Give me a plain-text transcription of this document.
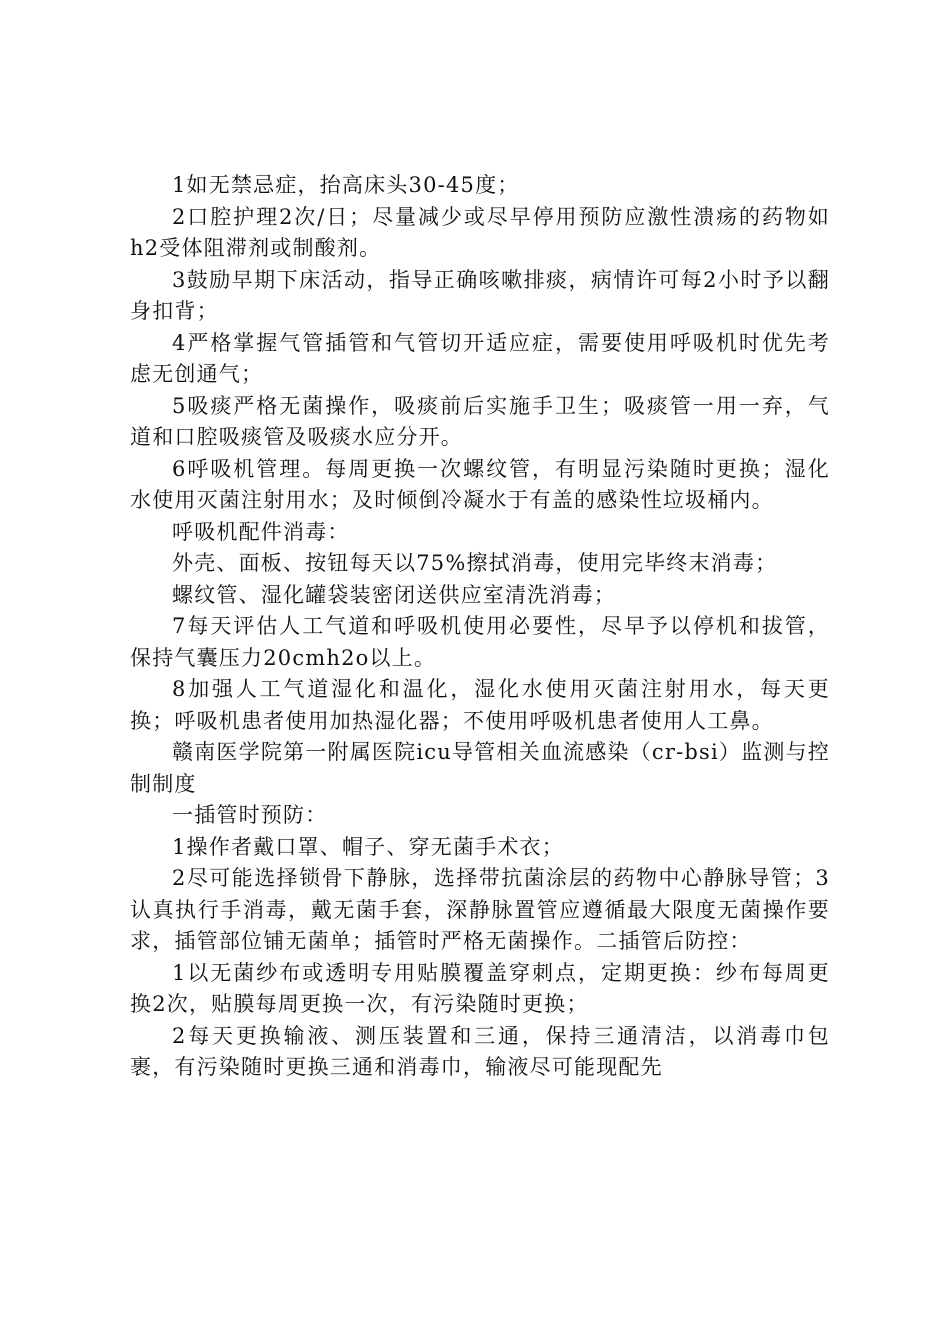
1如无禁忌症，抬高床头30-45度；

2口腔护理2次/日；尽量减少或尽早停用预防应激性溃疡的药物如h2受体阻滞剂或制酸剂。

3鼓励早期下床活动，指导正确咳嗽排痰，病情许可每2小时予以翻身扣背；

4严格掌握气管插管和气管切开适应症，需要使用呼吸机时优先考虑无创通气；

5吸痰严格无菌操作，吸痰前后实施手卫生；吸痰管一用一弃，气道和口腔吸痰管及吸痰水应分开。

6呼吸机管理。每周更换一次螺纹管，有明显污染随时更换；湿化水使用灭菌注射用水；及时倾倒冷凝水于有盖的感染性垃圾桶内。

呼吸机配件消毒：

外壳、面板、按钮每天以75%擦拭消毒，使用完毕终末消毒；

螺纹管、湿化罐袋装密闭送供应室清洗消毒；

7每天评估人工气道和呼吸机使用必要性，尽早予以停机和拔管，保持气囊压力20cmh2o以上。

8加强人工气道湿化和温化，湿化水使用灭菌注射用水，每天更换；呼吸机患者使用加热湿化器；不使用呼吸机患者使用人工鼻。

赣南医学院第一附属医院icu导管相关血流感染（cr-bsi）监测与控制制度

一插管时预防：

1操作者戴口罩、帽子、穿无菌手术衣；

2尽可能选择锁骨下静脉，选择带抗菌涂层的药物中心静脉导管；3认真执行手消毒，戴无菌手套，深静脉置管应遵循最大限度无菌操作要求，插管部位铺无菌单；插管时严格无菌操作。二插管后防控：

1以无菌纱布或透明专用贴膜覆盖穿刺点，定期更换：纱布每周更换2次，贴膜每周更换一次，有污染随时更换；

2每天更换输液、测压装置和三通，保持三通清洁，以消毒巾包裹，有污染随时更换三通和消毒巾，输液尽可能现配先
